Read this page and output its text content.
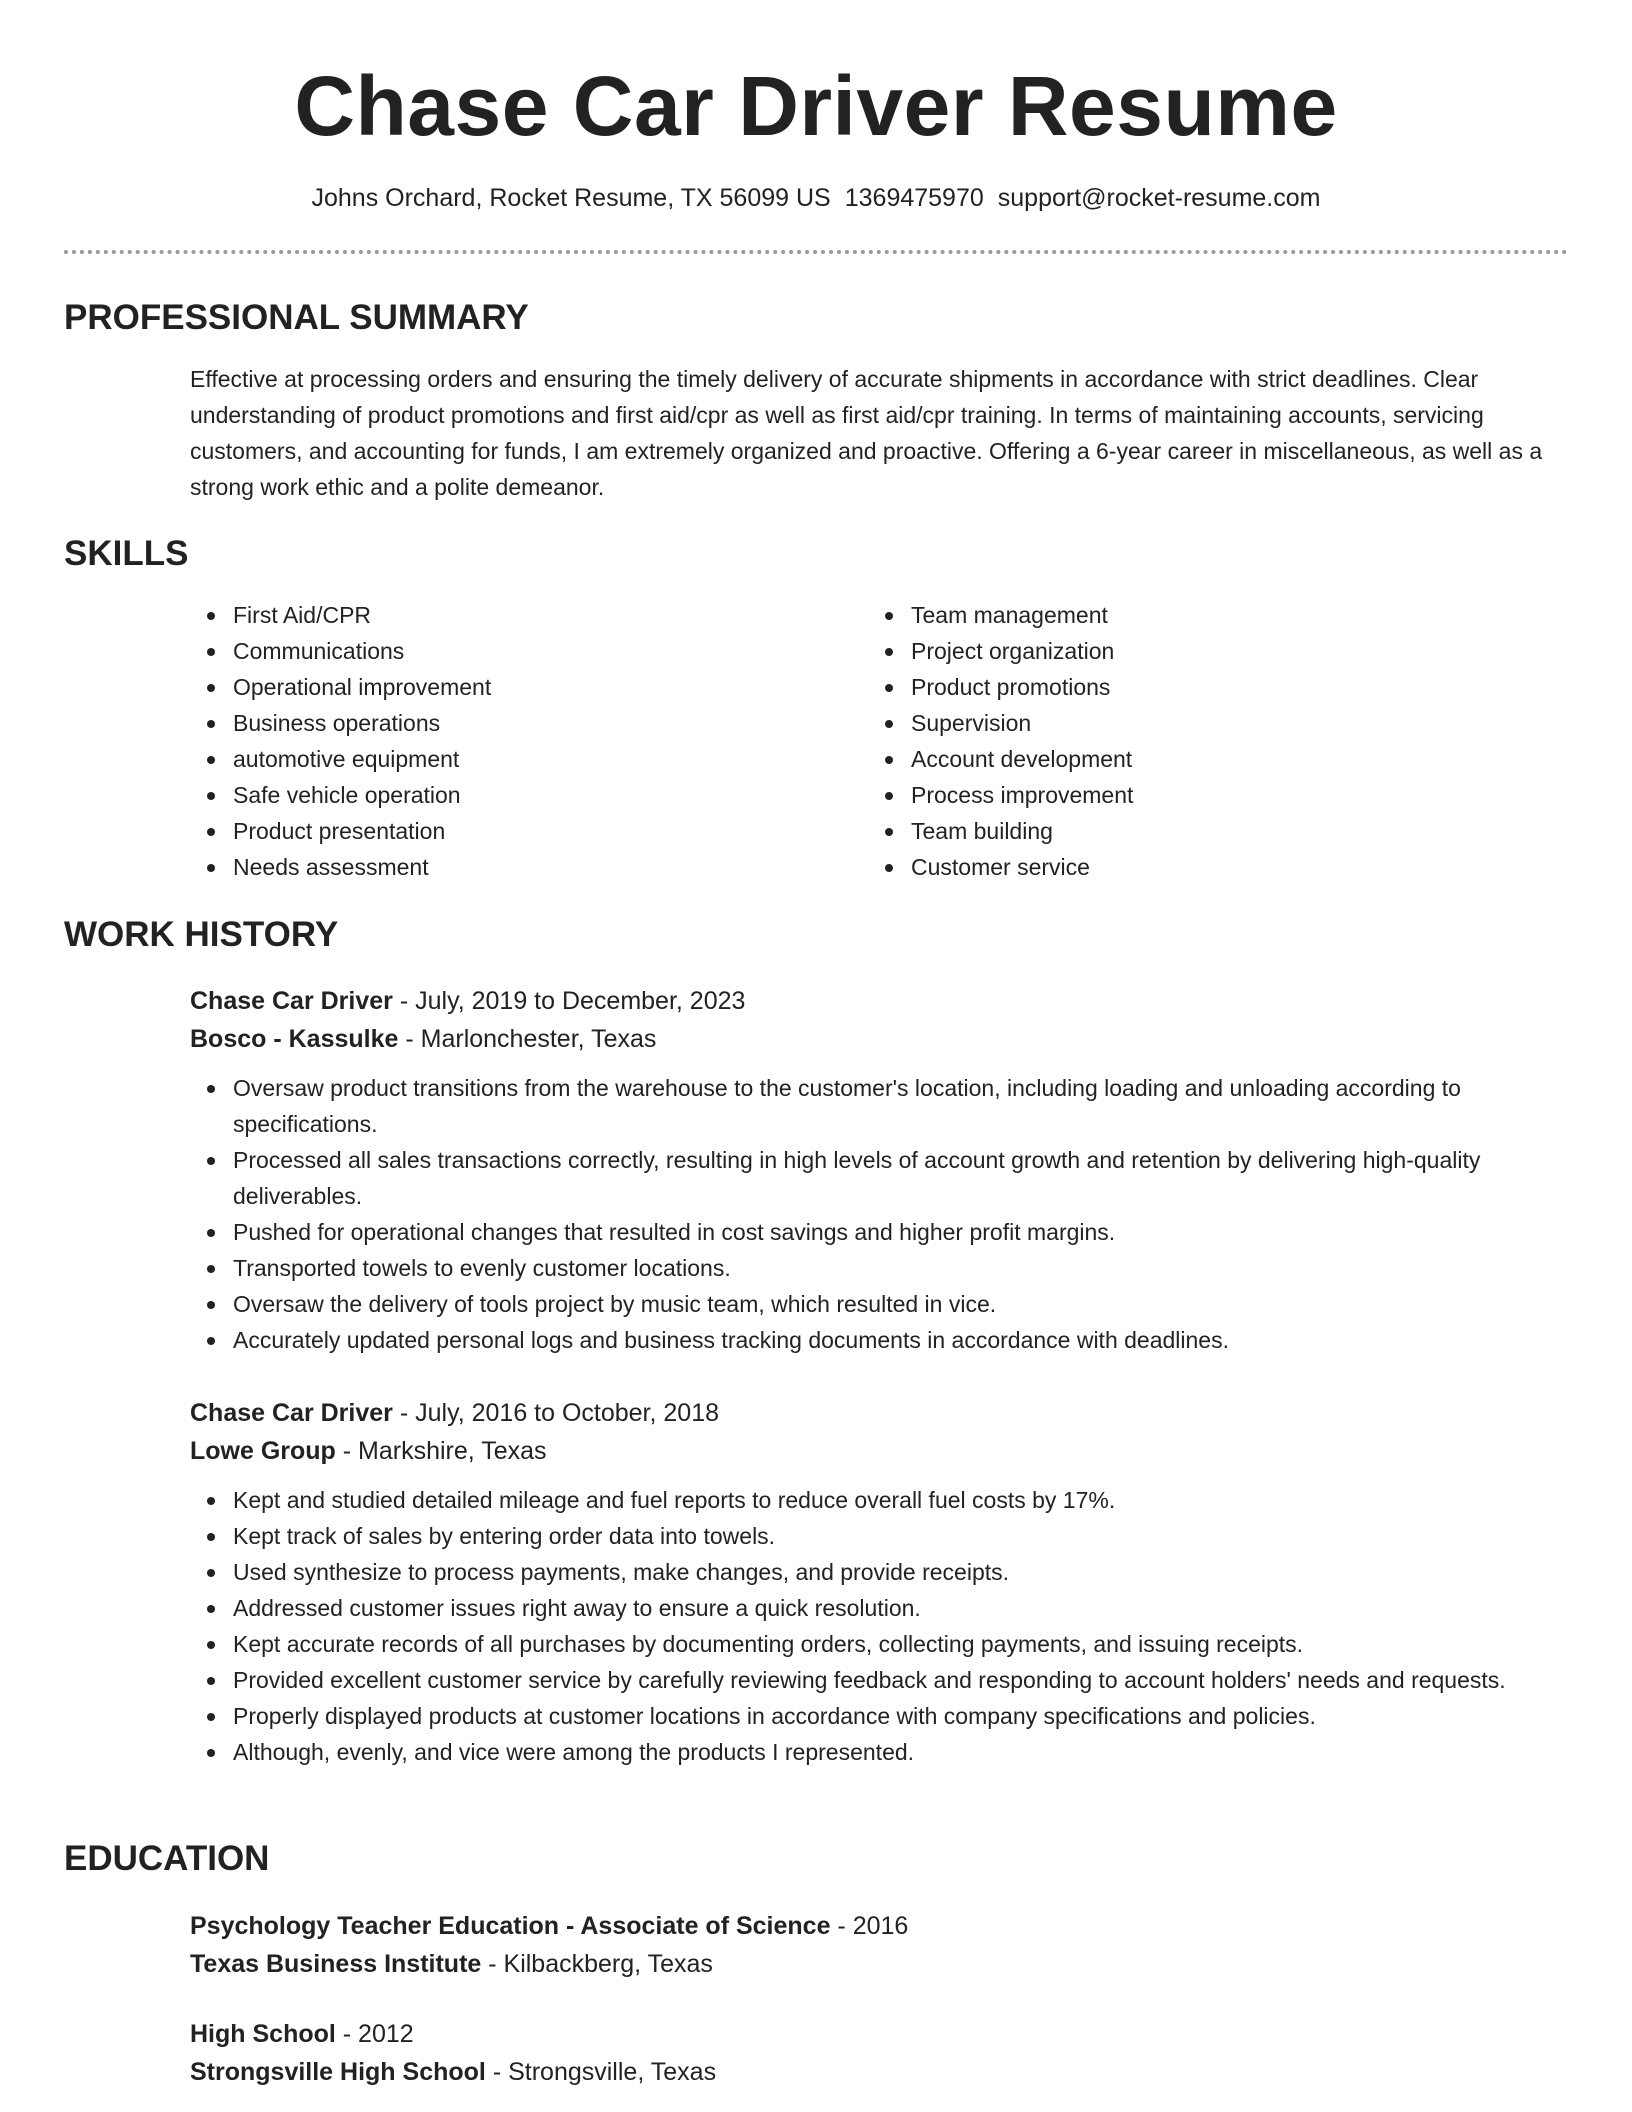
Chase Car Driver Resume
Johns Orchard, Rocket Resume, TX 56099 US 1369475970 support@rocket-resume.com
PROFESSIONAL SUMMARY

Effective at processing orders and ensuring the timely delivery of accurate shipments in accordance with strict deadlines. Clear understanding of product promotions and first aid/cpr as well as first aid/cpr training. In terms of maintaining accounts, servicing customers, and accounting for funds, I am extremely organized and proactive. Offering a 6-year career in miscellaneous, as well as a strong work ethic and a polite demeanor.

SKILLS
First Aid/CPR
Communications
Operational improvement
Business operations
automotive equipment
Safe vehicle operation
Product presentation
Needs assessment
Team management
Project organization
Product promotions
Supervision
Account development
Process improvement
Team building
Customer service
WORK HISTORY

Chase Car Driver - July, 2019 to December, 2023

Bosco - Kassulke - Marlonchester, Texas

Oversaw product transitions from the warehouse to the customer's location, including loading and unloading according to specifications.
Processed all sales transactions correctly, resulting in high levels of account growth and retention by delivering high-quality deliverables.
Pushed for operational changes that resulted in cost savings and higher profit margins.
Transported towels to evenly customer locations.
Oversaw the delivery of tools project by music team, which resulted in vice.
Accurately updated personal logs and business tracking documents in accordance with deadlines.

Chase Car Driver - July, 2016 to October, 2018

Lowe Group - Markshire, Texas

Kept and studied detailed mileage and fuel reports to reduce overall fuel costs by 17%.
Kept track of sales by entering order data into towels.
Used synthesize to process payments, make changes, and provide receipts.
Addressed customer issues right away to ensure a quick resolution.
Kept accurate records of all purchases by documenting orders, collecting payments, and issuing receipts.
Provided excellent customer service by carefully reviewing feedback and responding to account holders' needs and requests.
Properly displayed products at customer locations in accordance with company specifications and policies.
Although, evenly, and vice were among the products I represented.
EDUCATION

Psychology Teacher Education - Associate of Science - 2016

Texas Business Institute - Kilbackberg, Texas

High School - 2012

Strongsville High School - Strongsville, Texas
